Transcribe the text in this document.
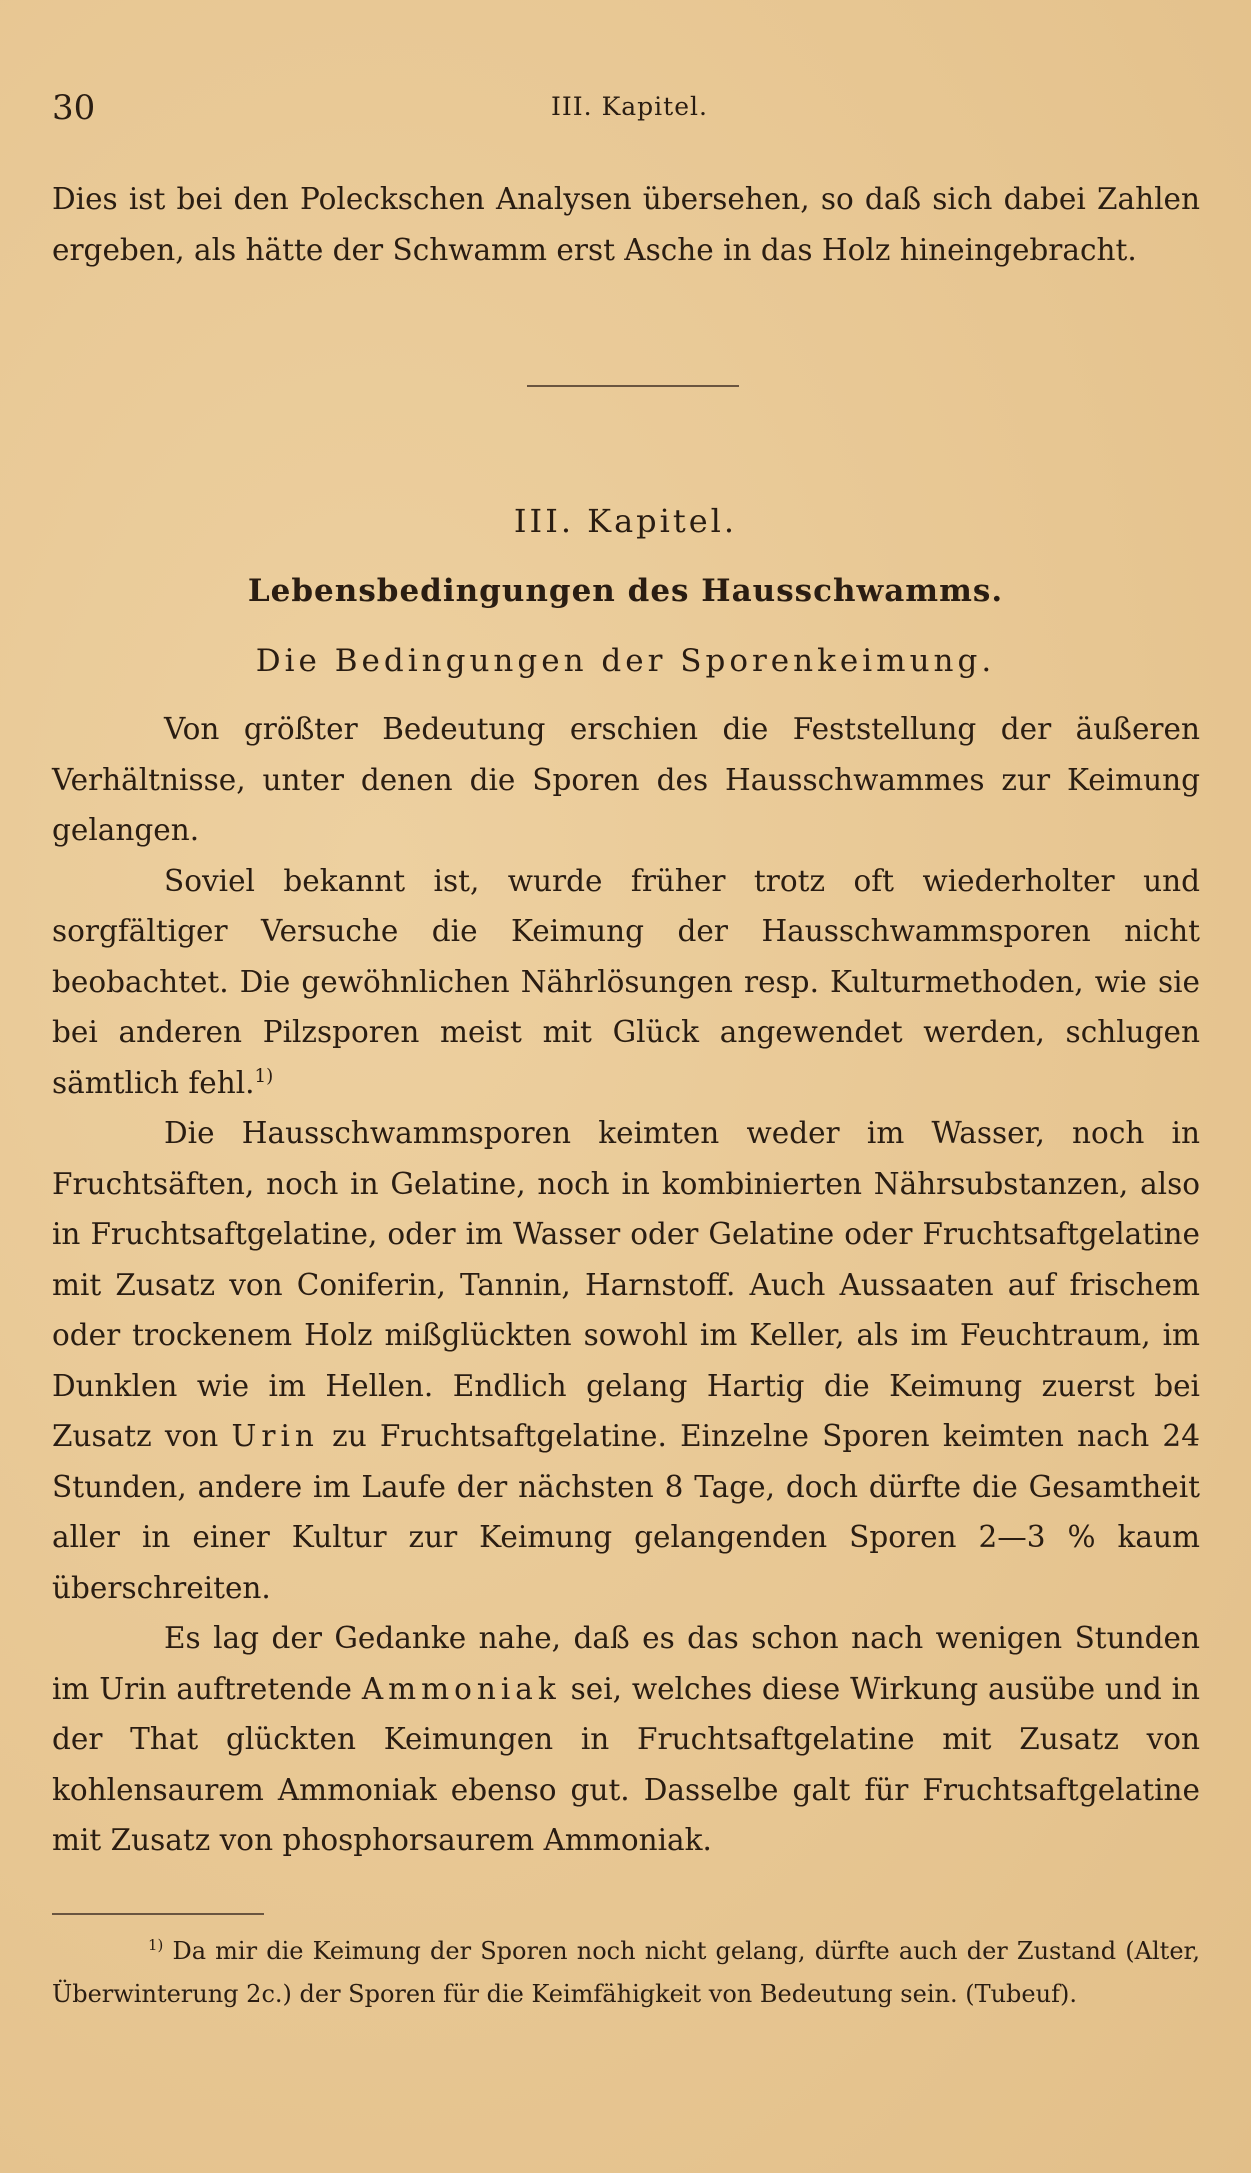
30	III. Kapitel.
Dies ist bei den Poleckschen Analysen übersehen, so daß sich dabei Zahlen ergeben, als hätte der Schwamm erst Asche in das Holz hineingebracht.
III. Kapitel.
Lebensbedingungen des Hausschwamms.
Die Bedingungen der Sporenkeimung.

Von größter Bedeutung erschien die Feststellung der äußeren Verhältnisse, unter denen die Sporen des Hausschwammes zur Keimung gelangen.

Soviel bekannt ist, wurde früher trotz oft wiederholter und sorgfältiger Versuche die Keimung der Hausschwammsporen nicht beobachtet. Die gewöhnlichen Nährlösungen resp. Kulturmethoden, wie sie bei anderen Pilzsporen meist mit Glück angewendet werden, schlugen sämtlich fehl.$^{1)}$

Die Hausschwammsporen keimten weder im Wasser, noch in Fruchtsäften, noch in Gelatine, noch in kombinierten Nährsubstanzen, also in Fruchtsaftgelatine, oder im Wasser oder Gelatine oder Fruchtsaftgelatine mit Zusatz von Coniferin, Tannin, Harnstoff. Auch Aussaaten auf frischem oder trockenem Holz mißglückten sowohl im Keller, als im Feuchtraum, im Dunklen wie im Hellen. Endlich gelang Hartig die Keimung zuerst bei Zusatz von Urin zu Fruchtsaftgelatine. Einzelne Sporen keimten nach 24 Stunden, andere im Laufe der nächsten 8 Tage, doch dürfte die Gesamtheit aller in einer Kultur zur Keimung gelangenden Sporen 2—3 % kaum überschreiten.

Es lag der Gedanke nahe, daß es das schon nach wenigen Stunden im Urin auftretende Ammoniak sei, welches diese Wirkung ausübe und in der That glückten Keimungen in Fruchtsaftgelatine mit Zusatz von kohlensaurem Ammoniak ebenso gut. Dasselbe galt für Fruchtsaftgelatine mit Zusatz von phosphorsaurem Ammoniak.

$^{1)}$ Da mir die Keimung der Sporen noch nicht gelang, dürfte auch der Zustand (Alter, Überwinterung 2c.) der Sporen für die Keimfähigkeit von Bedeutung sein. (Tubeuf).
